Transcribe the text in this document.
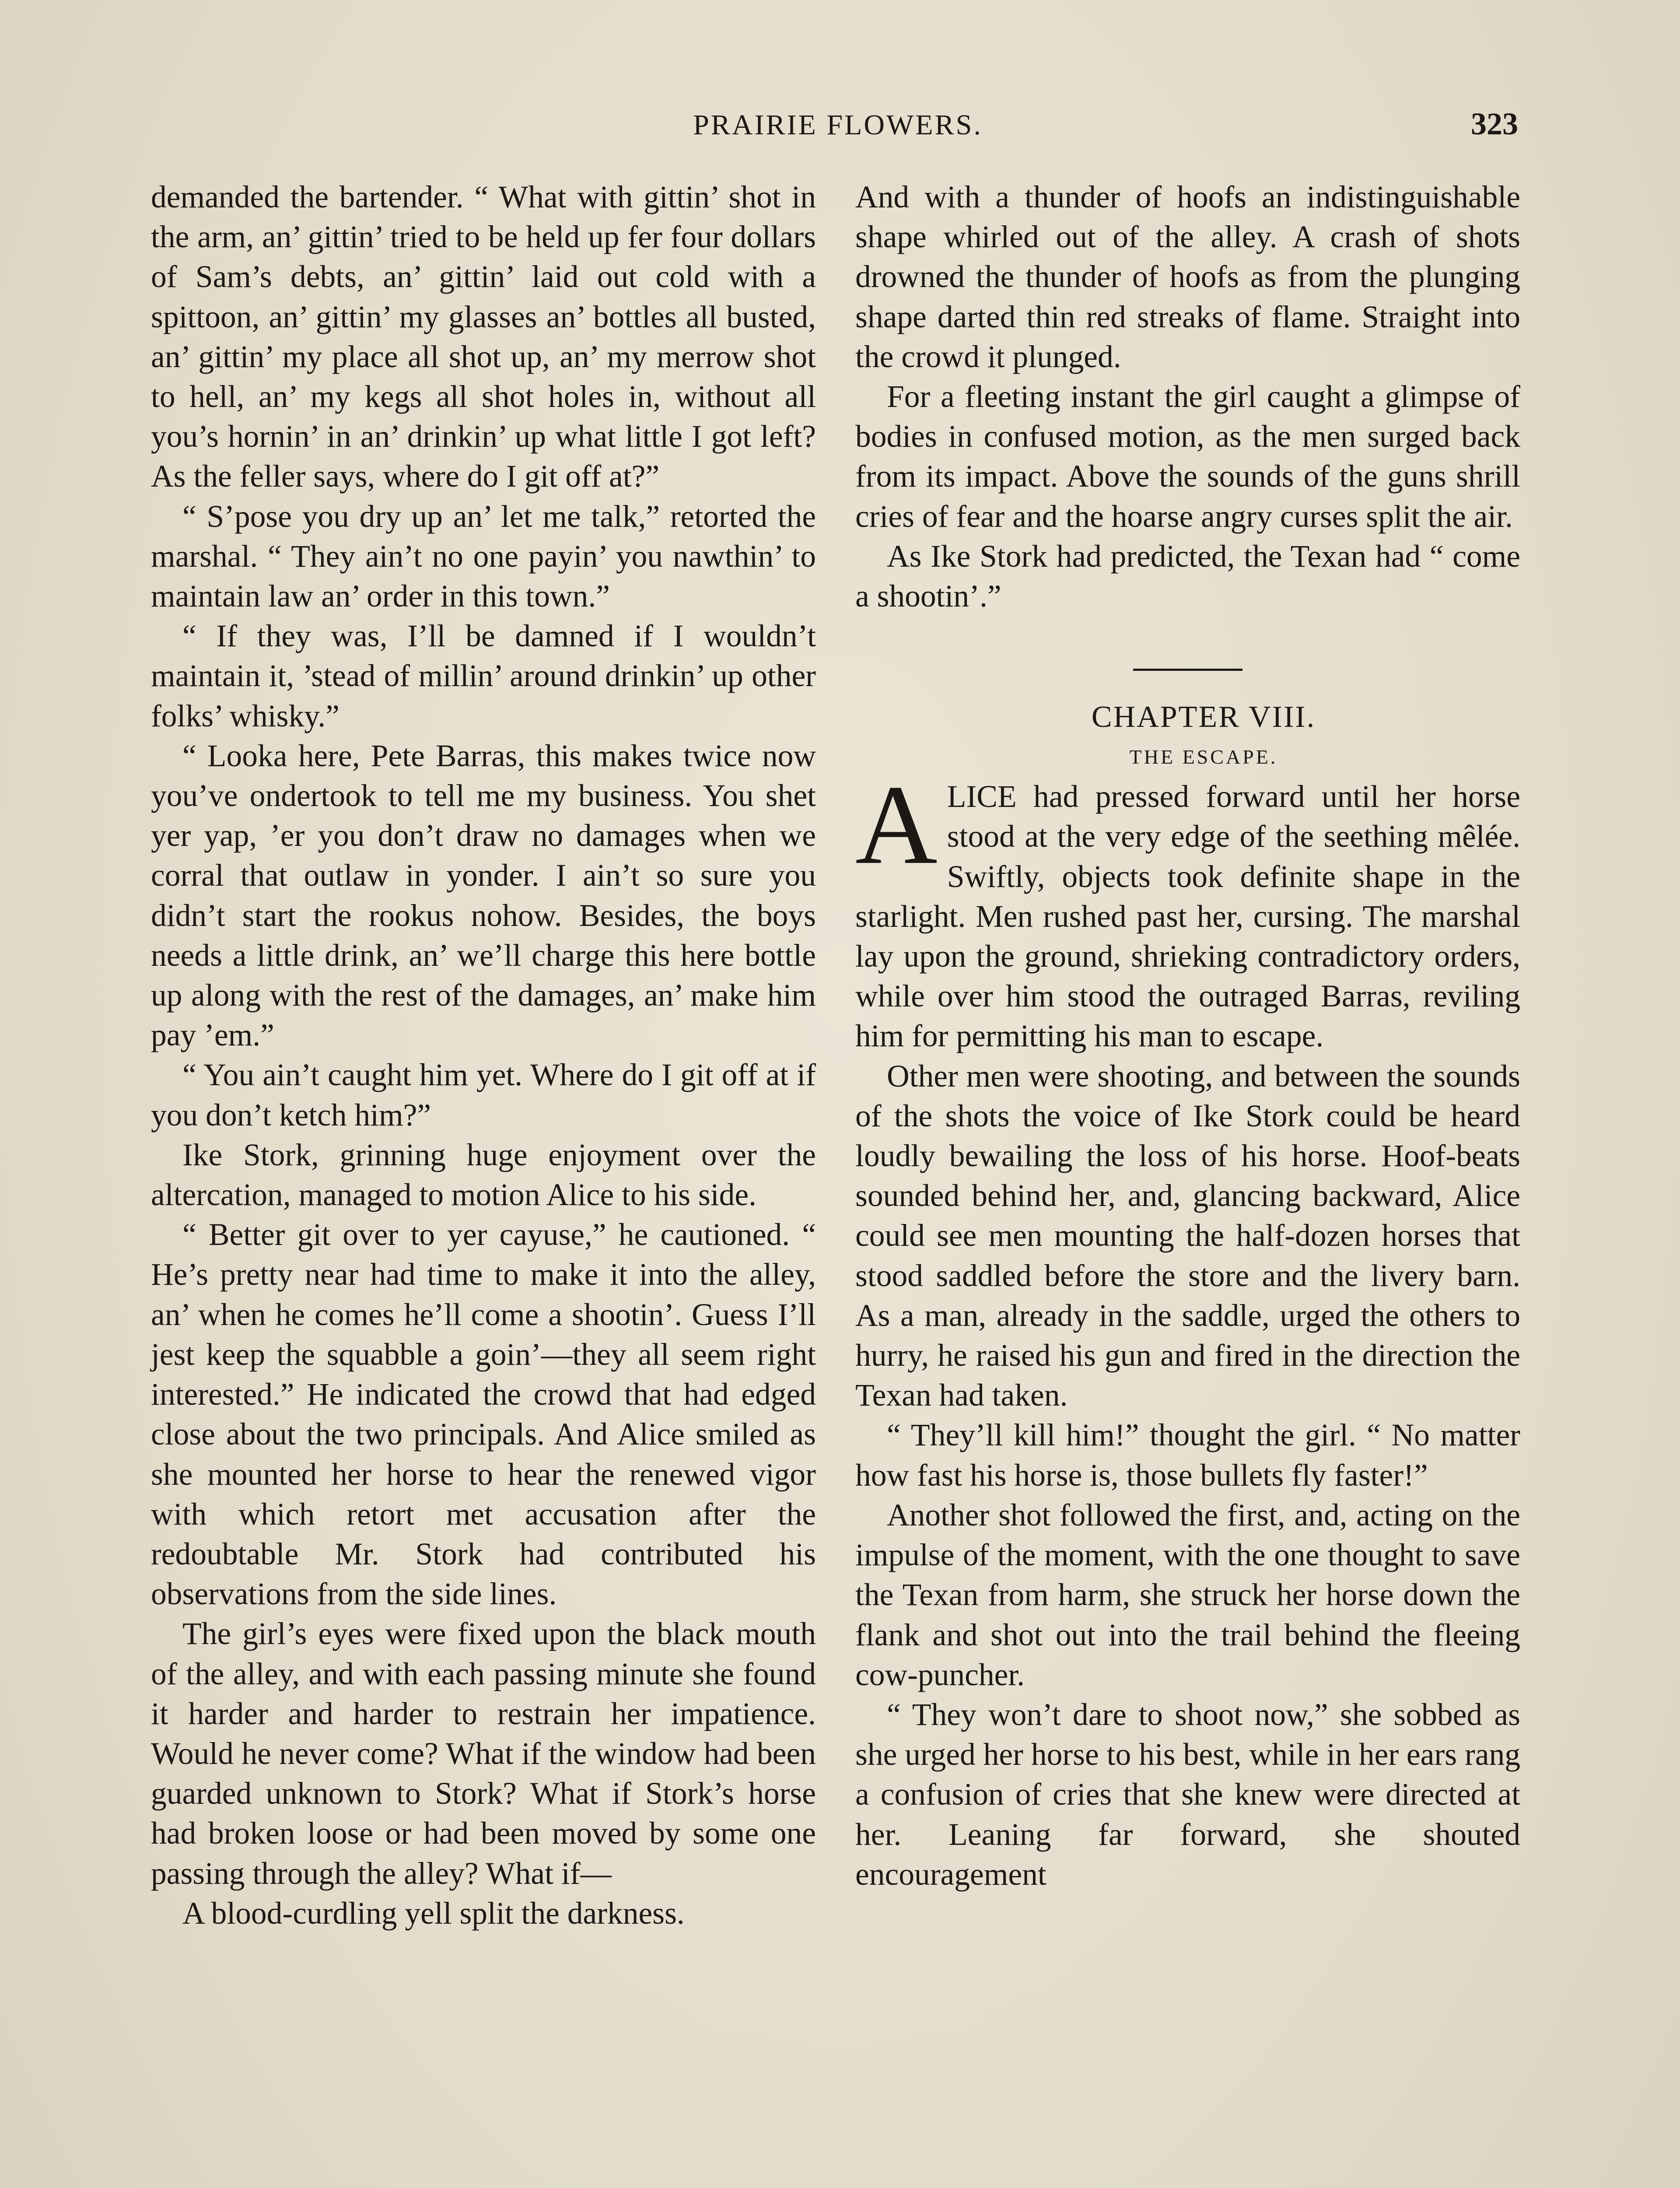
PRAIRIE FLOWERS.	323

demanded the bartender. “ What with gittin’ shot in the arm, an’ gittin’ tried to be held up fer four dollars of Sam’s debts, an’ gittin’ laid out cold with a spittoon, an’ gittin’ my glasses an’ bottles all busted, an’ gittin’ my place all shot up, an’ my merrow shot to hell, an’ my kegs all shot holes in, without all you’s hornin’ in an’ drinkin’ up what little I got left? As the feller says, where do I git off at?”

“ S’pose you dry up an’ let me talk,” retorted the marshal. “ They ain’t no one payin’ you nawthin’ to maintain law an’ order in this town.”

“ If they was, I’ll be damned if I wouldn’t maintain it, ’stead of millin’ around drinkin’ up other folks’ whisky.”

“ Looka here, Pete Barras, this makes twice now you’ve ondertook to tell me my business. You shet yer yap, ’er you don’t draw no damages when we corral that outlaw in yonder. I ain’t so sure you didn’t start the rookus nohow. Besides, the boys needs a little drink, an’ we’ll charge this here bottle up along with the rest of the damages, an’ make him pay ’em.”

“ You ain’t caught him yet. Where do I git off at if you don’t ketch him?”

Ike Stork, grinning huge enjoyment over the altercation, managed to motion Alice to his side.

“ Better git over to yer cayuse,” he cautioned. “ He’s pretty near had time to make it into the alley, an’ when he comes he’ll come a shootin’. Guess I’ll jest keep the squabble a goin’—they all seem right interested.” He indicated the crowd that had edged close about the two principals. And Alice smiled as she mounted her horse to hear the renewed vigor with which retort met accusation after the redoubtable Mr. Stork had contributed his observations from the side lines.

The girl’s eyes were fixed upon the black mouth of the alley, and with each passing minute she found it harder and harder to restrain her impatience. Would he never come? What if the window had been guarded unknown to Stork? What if Stork’s horse had broken loose or had been moved by some one passing through the alley? What if—

A blood-curdling yell split the darkness.

And with a thunder of hoofs an indistinguishable shape whirled out of the alley. A crash of shots drowned the thunder of hoofs as from the plunging shape darted thin red streaks of flame. Straight into the crowd it plunged.

For a fleeting instant the girl caught a glimpse of bodies in confused motion, as the men surged back from its impact. Above the sounds of the guns shrill cries of fear and the hoarse angry curses split the air.

As Ike Stork had predicted, the Texan had “ come a shootin’.”

CHAPTER VIII.

THE ESCAPE.

ALICE had pressed forward until her horse stood at the very edge of the seething mêlée. Swiftly, objects took definite shape in the starlight. Men rushed past her, cursing. The marshal lay upon the ground, shrieking contradictory orders, while over him stood the outraged Barras, reviling him for permitting his man to escape.

Other men were shooting, and between the sounds of the shots the voice of Ike Stork could be heard loudly bewailing the loss of his horse. Hoof-beats sounded behind her, and, glancing backward, Alice could see men mounting the half-dozen horses that stood saddled before the store and the livery barn. As a man, already in the saddle, urged the others to hurry, he raised his gun and fired in the direction the Texan had taken.

“ They’ll kill him!” thought the girl. “ No matter how fast his horse is, those bullets fly faster!”

Another shot followed the first, and, acting on the impulse of the moment, with the one thought to save the Texan from harm, she struck her horse down the flank and shot out into the trail behind the fleeing cow-puncher.

“ They won’t dare to shoot now,” she sobbed as she urged her horse to his best, while in her ears rang a confusion of cries that she knew were directed at her. Leaning far forward, she shouted encouragement
